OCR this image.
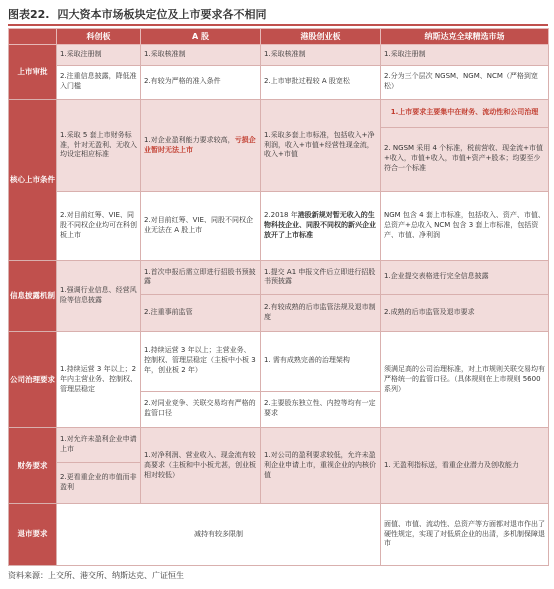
图表22. 四大资本市场板块定位及上市要求各不相同
	科创板	A 股	港股创业板	纳斯达克全球精选市场
上市审批	1.采取注册制	1.采取核准制	1.采取核准制	1.采取注册制
	2.注重信息披露，降低准入门槛	2.有较为严格的准入条件	2.上市审批过程较 A 股宽松	2.分为三个层次 NGSM、NGM、NCM（严格到宽松）
核心上市条件	1.采取 5 套上市财务标准，针对无盈利、无收入均设定相应标准	1.对企业盈利能力要求较高，亏损企业暂时无法上市	1.采取多套上市标准，包括收入+净利润，收入+市值+经营性现金流，收入+市值	1.上市要求主要集中在财务、流动性和公司治理
				2. NGSM 采用 4 个标准，税前营收、现金流+市值+收入，市值+收入，市值+资产+股本；均要至少符合一个标准
	2.对目前红筹、VIE、同股不同权企业均可在科创板上市	2.对目前红筹、VIE、同股不同权企业无法在 A 股上市	2.2018 年港股新规对暂无收入的生物科技企业、同股不同权的新兴企业放开了上市标准	NGM 包含 4 套上市标准，包括收入、资产、市值、总资产+总收入 NCM 包含 3 套上市标准，包括资产、市值、净利润

信息披露机制	1.强调行业信息、经营风险等信息披露	1.首次申报后需立即进行招股书预披露	1.提交 A1 申报文件后立即进行招股书预披露	1.企业提交表格进行完全信息披露
		2.注重事前监管	2.有较成熟的后市监管法规及退市制度	2.成熟的后市监管及退市要求
公司治理要求	1.持续运营 3 年以上；2 年内主营业务、控制权、管理层稳定	1.持续运营 3 年以上；主营业务、控制权、管理层稳定（主板中小板 3 年，创业板 2 年）	1. 需有成熟完善的治理架构	须满足高的公司治理标准，对上市规则关联交易均有严格统一的监管口径。（具体规则在上市规则 5600 系列）
		2.对同业竞争、关联交易均有严格的监管口径	2.主要股东独立性、内控等均有一定要求	
财务要求	1.对允许未盈利企业申请上市	1.对净利润、营业收入、现金流有较高要求（主板和中小板尤甚，创业板相对较低）	1.对公司的盈利要求较低，允许未盈利企业申请上市，重视企业的内核价值	1. 无盈利指标送，看重企业潜力及创收能力
	2.更看重企业的市值而非盈利			
退市要求	减持有较多限制			面值、市值、流动性、总资产等方面都对退市作出了硬性规定，实现了对低质企业的出清，多机制保障退市
资料来源：上交所、港交所、纳斯达克、广证恒生
